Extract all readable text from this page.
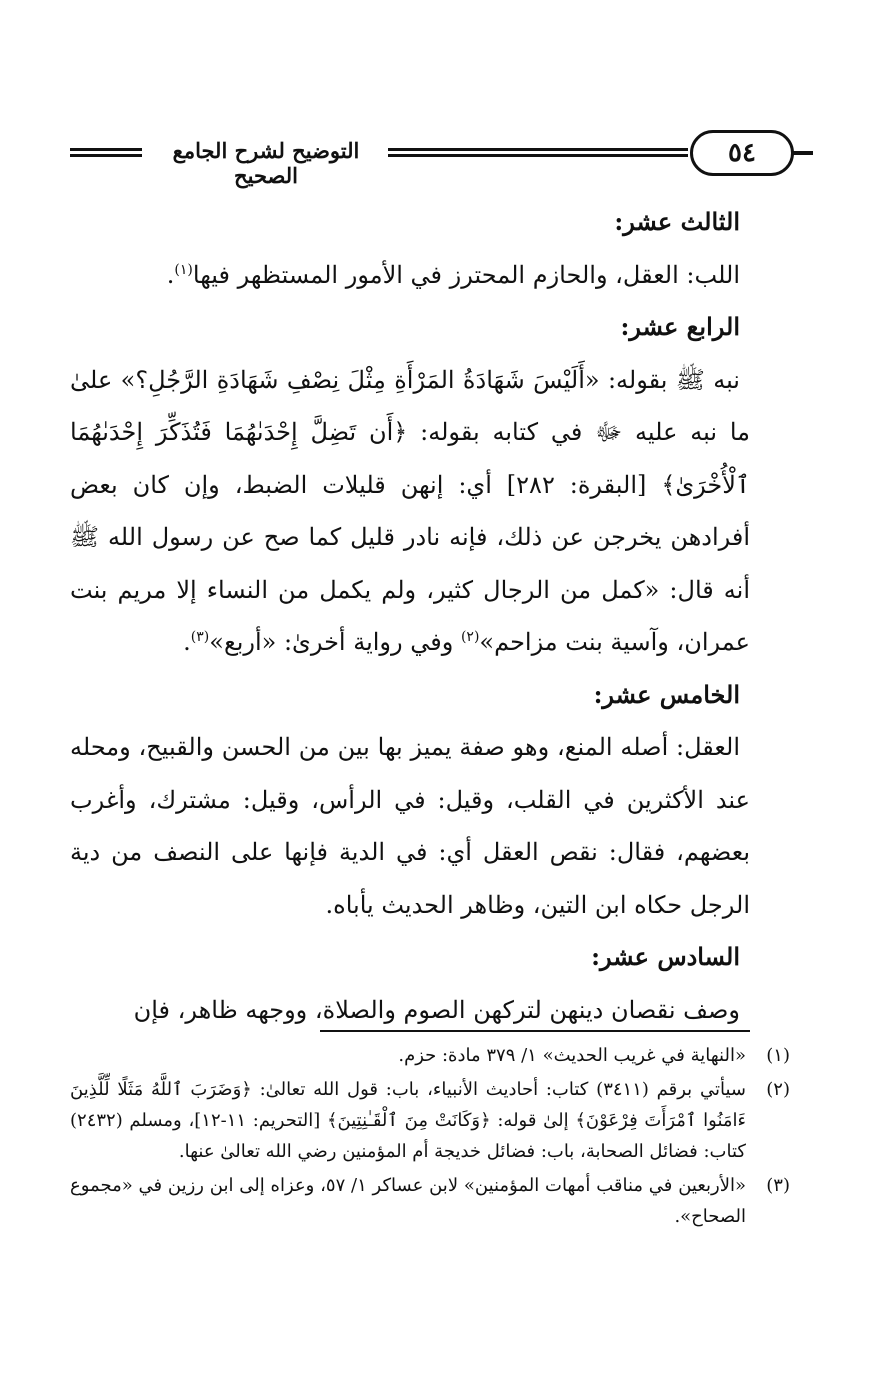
التوضيح لشرح الجامع الصحيح
٥٤

الثالث عشر:

اللب: العقل، والحازم المحترز في الأمور المستظهر فيها$^{(١)}$.

الرابع عشر:

نبه ﷺ بقوله: «أَلَيْسَ شَهَادَةُ المَرْأَةِ مِثْلَ نِصْفِ شَهَادَةِ الرَّجُلِ؟» علىٰ ما نبه عليه ﷻ في كتابه بقوله: ﴿أَن تَضِلَّ إِحْدَىٰهُمَا فَتُذَكِّرَ إِحْدَىٰهُمَا ٱلْأُخْرَىٰ﴾ [البقرة: ٢٨٢] أي: إنهن قليلات الضبط، وإن كان بعض أفرادهن يخرجن عن ذلك، فإنه نادر قليل كما صح عن رسول الله ﷺ أنه قال: «كمل من الرجال كثير، ولم يكمل من النساء إلا مريم بنت عمران، وآسية بنت مزاحم»$^{(٢)}$ وفي رواية أخرىٰ: «أربع»$^{(٣)}$.

الخامس عشر:

العقل: أصله المنع، وهو صفة يميز بها بين من الحسن والقبيح، ومحله عند الأكثرين في القلب، وقيل: في الرأس، وقيل: مشترك، وأغرب بعضهم، فقال: نقص العقل أي: في الدية فإنها على النصف من دية الرجل حكاه ابن التين، وظاهر الحديث يأباه.

السادس عشر:

وصف نقصان دينهن لتركهن الصوم والصلاة، ووجهه ظاهر، فإن

(١)
«النهاية في غريب الحديث» ١/ ٣٧٩ مادة: حزم.
(٢)
سيأتي برقم (٣٤١١) كتاب: أحاديث الأنبياء، باب: قول الله تعالىٰ: ﴿وَضَرَبَ ٱللَّهُ مَثَلًا لِّلَّذِينَ ءَامَنُوا ٱمْرَأَتَ فِرْعَوْنَ﴾ إلىٰ قوله: ﴿وَكَانَتْ مِنَ ٱلْقَـٰنِتِينَ﴾ [التحريم: ١١-١٢]، ومسلم (٢٤٣٢) كتاب: فضائل الصحابة، باب: فضائل خديجة أم المؤمنين رضي الله تعالىٰ عنها.
(٣)
«الأربعين في مناقب أمهات المؤمنين» لابن عساكر ١/ ٥٧، وعزاه إلى ابن رزين في «مجموع الصحاح».
